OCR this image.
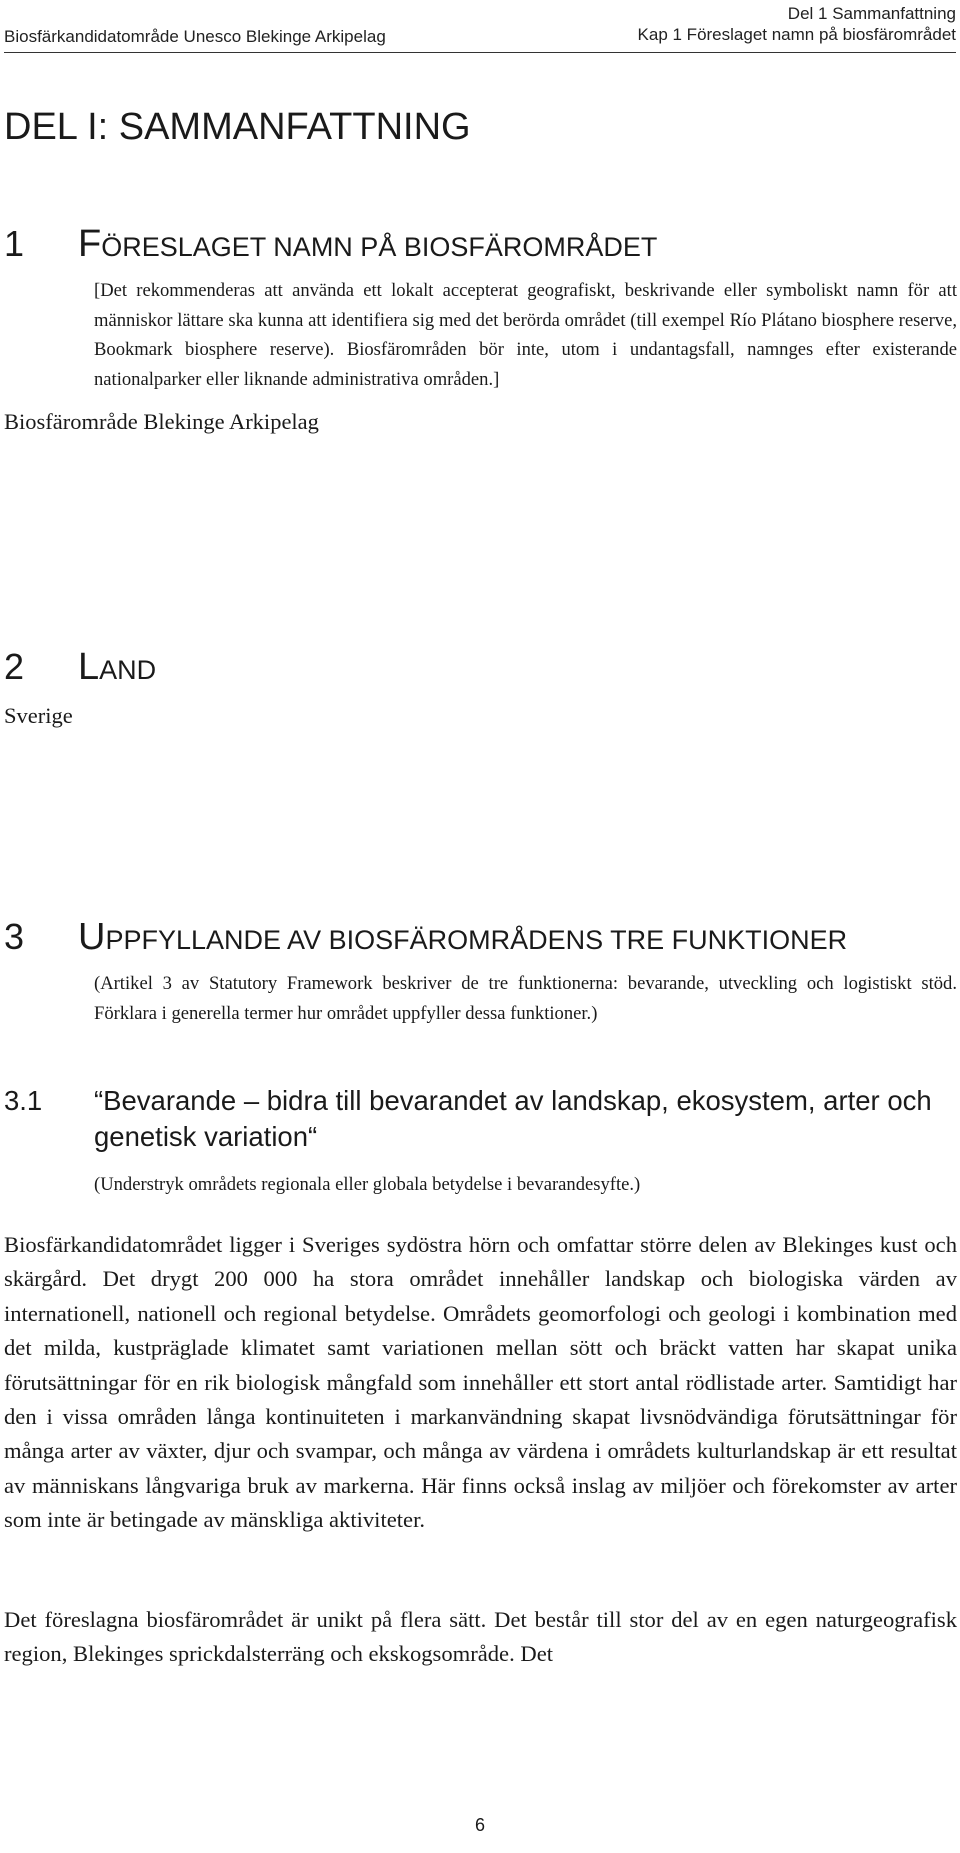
Biosfärkandidatområde Unesco Blekinge Arkipelag
Del 1 Sammanfattning
Kap 1 Föreslaget namn på biosfärområdet
DEL I: SAMMANFATTNING
1 FÖRESLAGET NAMN PÅ BIOSFÄROMRÅDET

[Det rekommenderas att använda ett lokalt accepterat geografiskt, beskrivande eller symboliskt namn för att människor lättare ska kunna att identifiera sig med det berörda området (till exempel Río Plátano biosphere reserve, Bookmark biosphere reserve). Biosfärområden bör inte, utom i undantagsfall, namnges efter existerande nationalparker eller liknande administrativa områden.]

Biosfärområde Blekinge Arkipelag

2 LAND

Sverige

3 UPPFYLLANDE AV BIOSFÄROMRÅDENS TRE FUNKTIONER

(Artikel 3 av Statutory Framework beskriver de tre funktionerna: bevarande, utveckling och logistiskt stöd. Förklara i generella termer hur området uppfyller dessa funktioner.)

3.1 “Bevarande – bidra till bevarandet av landskap, ekosystem, arter och genetisk variation“

(Understryk områdets regionala eller globala betydelse i bevarandesyfte.)

Biosfärkandidatområdet ligger i Sveriges sydöstra hörn och omfattar större delen av Blekinges kust och skärgård. Det drygt 200 000 ha stora området innehåller landskap och biologiska värden av internationell, nationell och regional betydelse. Områdets geomorfologi och geologi i kombination med det milda, kustpräglade klimatet samt variationen mellan sött och bräckt vatten har skapat unika förutsättningar för en rik biologisk mångfald som innehåller ett stort antal rödlistade arter. Samtidigt har den i vissa områden långa kontinuiteten i markanvändning skapat livsnödvändiga förutsättningar för många arter av växter, djur och svampar, och många av värdena i områdets kulturlandskap är ett resultat av människans långvariga bruk av markerna. Här finns också inslag av miljöer och förekomster av arter som inte är betingade av mänskliga aktiviteter.

Det föreslagna biosfärområdet är unikt på flera sätt. Det består till stor del av en egen naturgeografisk region, Blekinges sprickdalsterräng och ekskogsområde. Det

6
